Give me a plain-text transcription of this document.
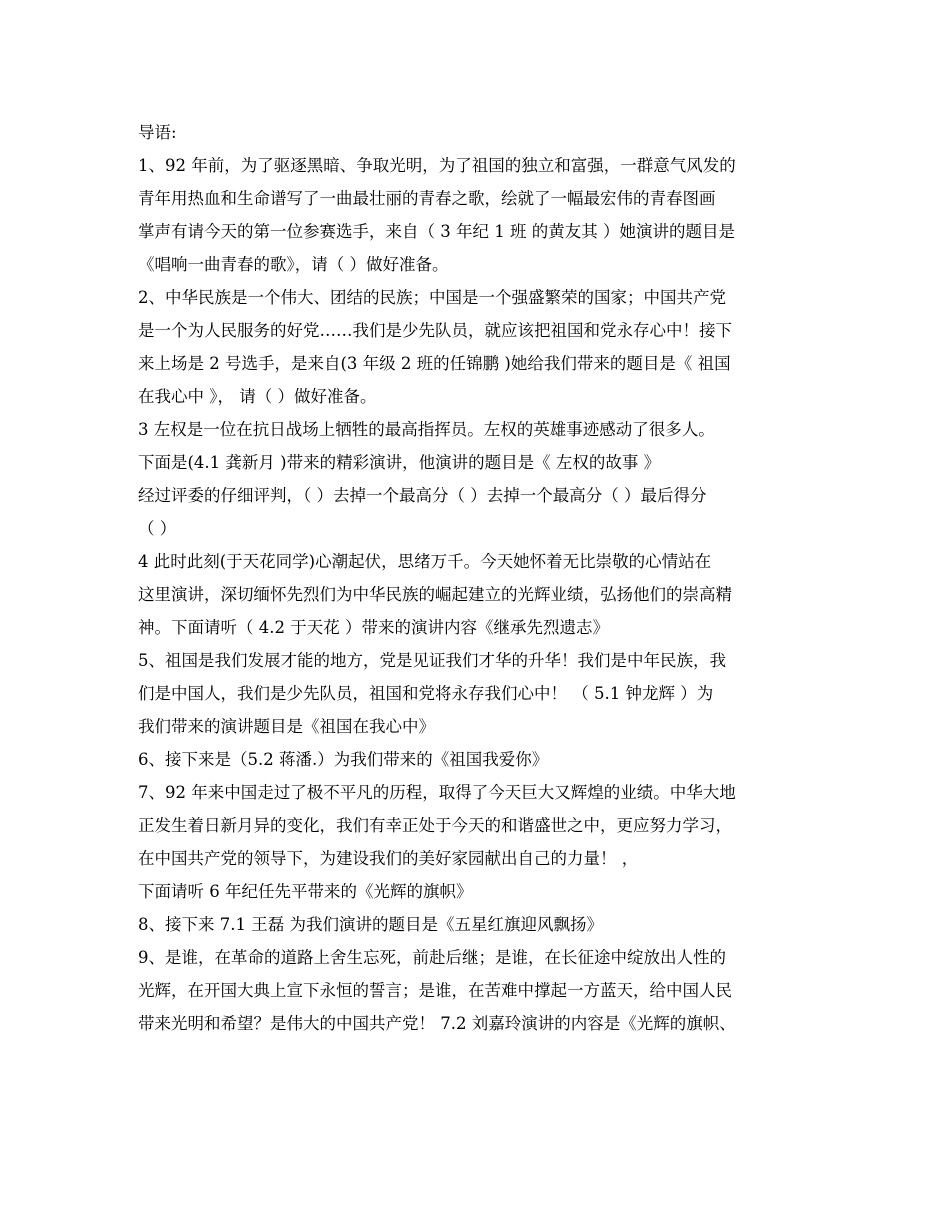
导语:
1、92 年前，为了驱逐黑暗、争取光明，为了祖国的独立和富强，一群意气风发的
青年用热血和生命谱写了一曲最壮丽的青春之歌，绘就了一幅最宏伟的青春图画
掌声有请今天的第一位参赛选手，来自（ 3 年纪 1 班 的黄友其 ）她演讲的题目是
《唱响一曲青春的歌》，请（ ）做好准备。
2、中华民族是一个伟大、团结的民族；中国是一个强盛繁荣的国家；中国共产党
是一个为人民服务的好党……我们是少先队员，就应该把祖国和党永存心中！接下
来上场是 2 号选手，是来自(3 年级 2 班的任锦鹏 )她给我们带来的题目是《 祖国
在我心中 》， 请（ ）做好准备。
3 左权是一位在抗日战场上牺牲的最高指挥员。左权的英雄事迹感动了很多人。
下面是(4.1 龚新月 )带来的精彩演讲，他演讲的题目是《 左权的故事 》
经过评委的仔细评判，（ ）去掉一个最高分（ ）去掉一个最高分（ ）最后得分
（ ）
4 此时此刻(于天花同学)心潮起伏，思绪万千。今天她怀着无比崇敬的心情站在
这里演讲，深切缅怀先烈们为中华民族的崛起建立的光辉业绩，弘扬他们的崇高精
神。下面请听（ 4.2 于天花 ）带来的演讲内容《继承先烈遗志》
5、祖国是我们发展才能的地方，党是见证我们才华的升华！我们是中年民族，我
们是中国人，我们是少先队员，祖国和党将永存我们心中！ （ 5.1 钟龙辉 ）为
我们带来的演讲题目是《祖国在我心中》
6、接下来是（5.2 蒋潘.）为我们带来的《祖国我爱你》
7、92 年来中国走过了极不平凡的历程，取得了今天巨大又辉煌的业绩。中华大地
正发生着日新月异的变化，我们有幸正处于今天的和谐盛世之中，更应努力学习，
在中国共产党的领导下，为建设我们的美好家园献出自己的力量！ ，
下面请听 6 年纪任先平带来的《光辉的旗帜》
8、接下来 7.1 王磊 为我们演讲的题目是《五星红旗迎风飘扬》
9、是谁，在革命的道路上舍生忘死，前赴后继；是谁，在长征途中绽放出人性的
光辉，在开国大典上宣下永恒的誓言；是谁，在苦难中撑起一方蓝天，给中国人民
带来光明和希望？是伟大的中国共产党！ 7.2 刘嘉玲演讲的内容是《光辉的旗帜、
